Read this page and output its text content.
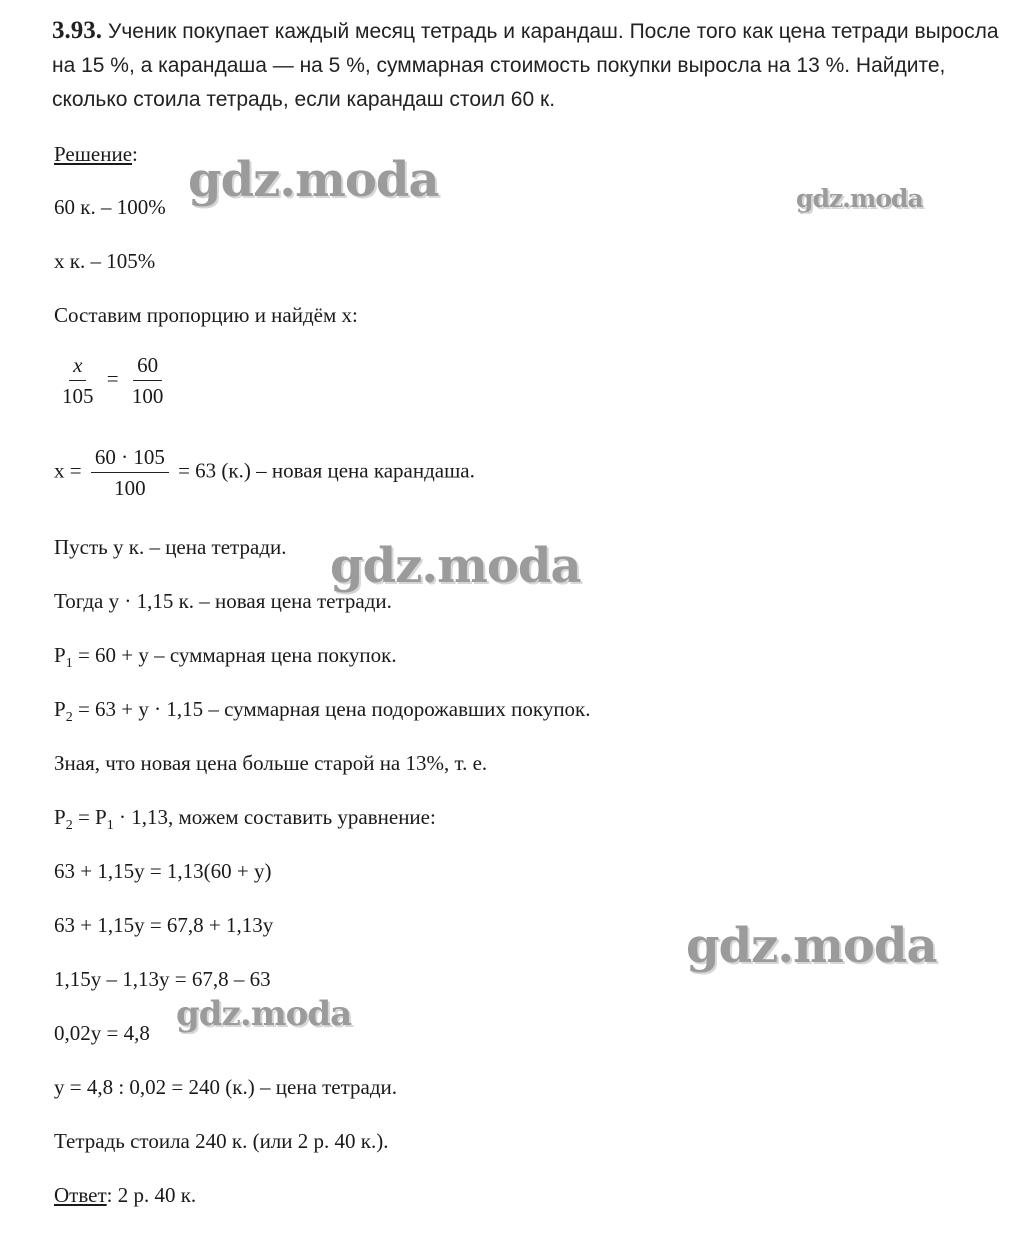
3.93. Ученик покупает каждый месяц тетрадь и карандаш. После того как цена тетради выросла на 15 %, а карандаша — на 5 %, суммарная стоимость покупки выросла на 13 %. Найдите, сколько стоила тетрадь, если карандаш стоил 60 к.
Решение:
60 к. – 100%
x к. – 105%
Составим пропорцию и найдём x:
$\frac{x}{105} = \frac{60}{100}$
$x = \frac{60 \cdot 105}{100} = 63$ (к.) – новая цена карандаша.
Пусть y к. – цена тетради.
Тогда y · 1,15 к. – новая цена тетради.
$P_1 = 60 + y$ – суммарная цена покупок.
$P_2 = 63 + y \cdot 1,15$ – суммарная цена подорожавших покупок.
Зная, что новая цена больше старой на 13%, т. е.
$P_2 = P_1 \cdot 1,13$, можем составить уравнение:
63 + 1,15y = 1,13(60 + y)
63 + 1,15y = 67,8 + 1,13y
1,15y – 1,13y = 67,8 – 63
0,02y = 4,8
y = 4,8 : 0,02 = 240 (к.) – цена тетради.
Тетрадь стоила 240 к. (или 2 р. 40 к.).
Ответ: 2 р. 40 к.
gdz.moda	gdz.moda
gdz.moda
gdz.moda
gdz.moda
